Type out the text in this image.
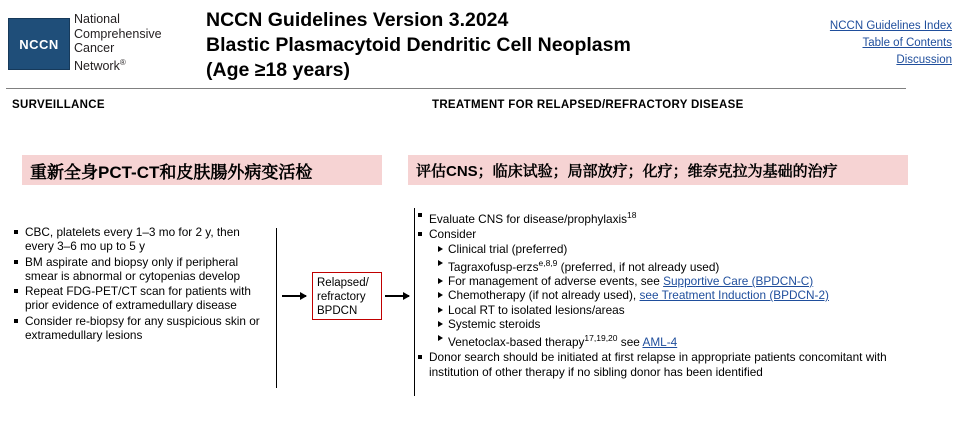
NCCN
National
Comprehensive
Cancer
Network®
NCCN Guidelines Version 3.2024
Blastic Plasmacytoid Dendritic Cell Neoplasm
(Age ≥18 years)
NCCN Guidelines Index
Table of Contents
Discussion
SURVEILLANCE	TREATMENT FOR RELAPSED/REFRACTORY DISEASE
重新全身PCT-CT和皮肤腸外病变活检	评估CNS；临床试验；局部放疗；化疗；维奈克拉为基础的治疗
CBC, platelets every 1–3 mo for 2 y, then every 3–6 mo up to 5 y
BM aspirate and biopsy only if peripheral smear is abnormal or cytopenias develop
Repeat FDG-PET/CT scan for patients with prior evidence of extramedullary disease
Consider re-biopsy for any suspicious skin or extramedullary lesions
Relapsed/
refractory
BPDCN
Evaluate CNS for disease/prophylaxis$^{18}$
Consider
Clinical trial (preferred)
Tagraxofusp-erzs$^{e,8,9}$ (preferred, if not already used)
For management of adverse events, see Supportive Care (BPDCN-C)
Chemotherapy (if not already used), see Treatment Induction (BPDCN-2)
Local RT to isolated lesions/areas
Systemic steroids
Venetoclax-based therapy$^{17,19,20}$ see AML-4
Donor search should be initiated at first relapse in appropriate patients concomitant with institution of other therapy if no sibling donor has been identified
